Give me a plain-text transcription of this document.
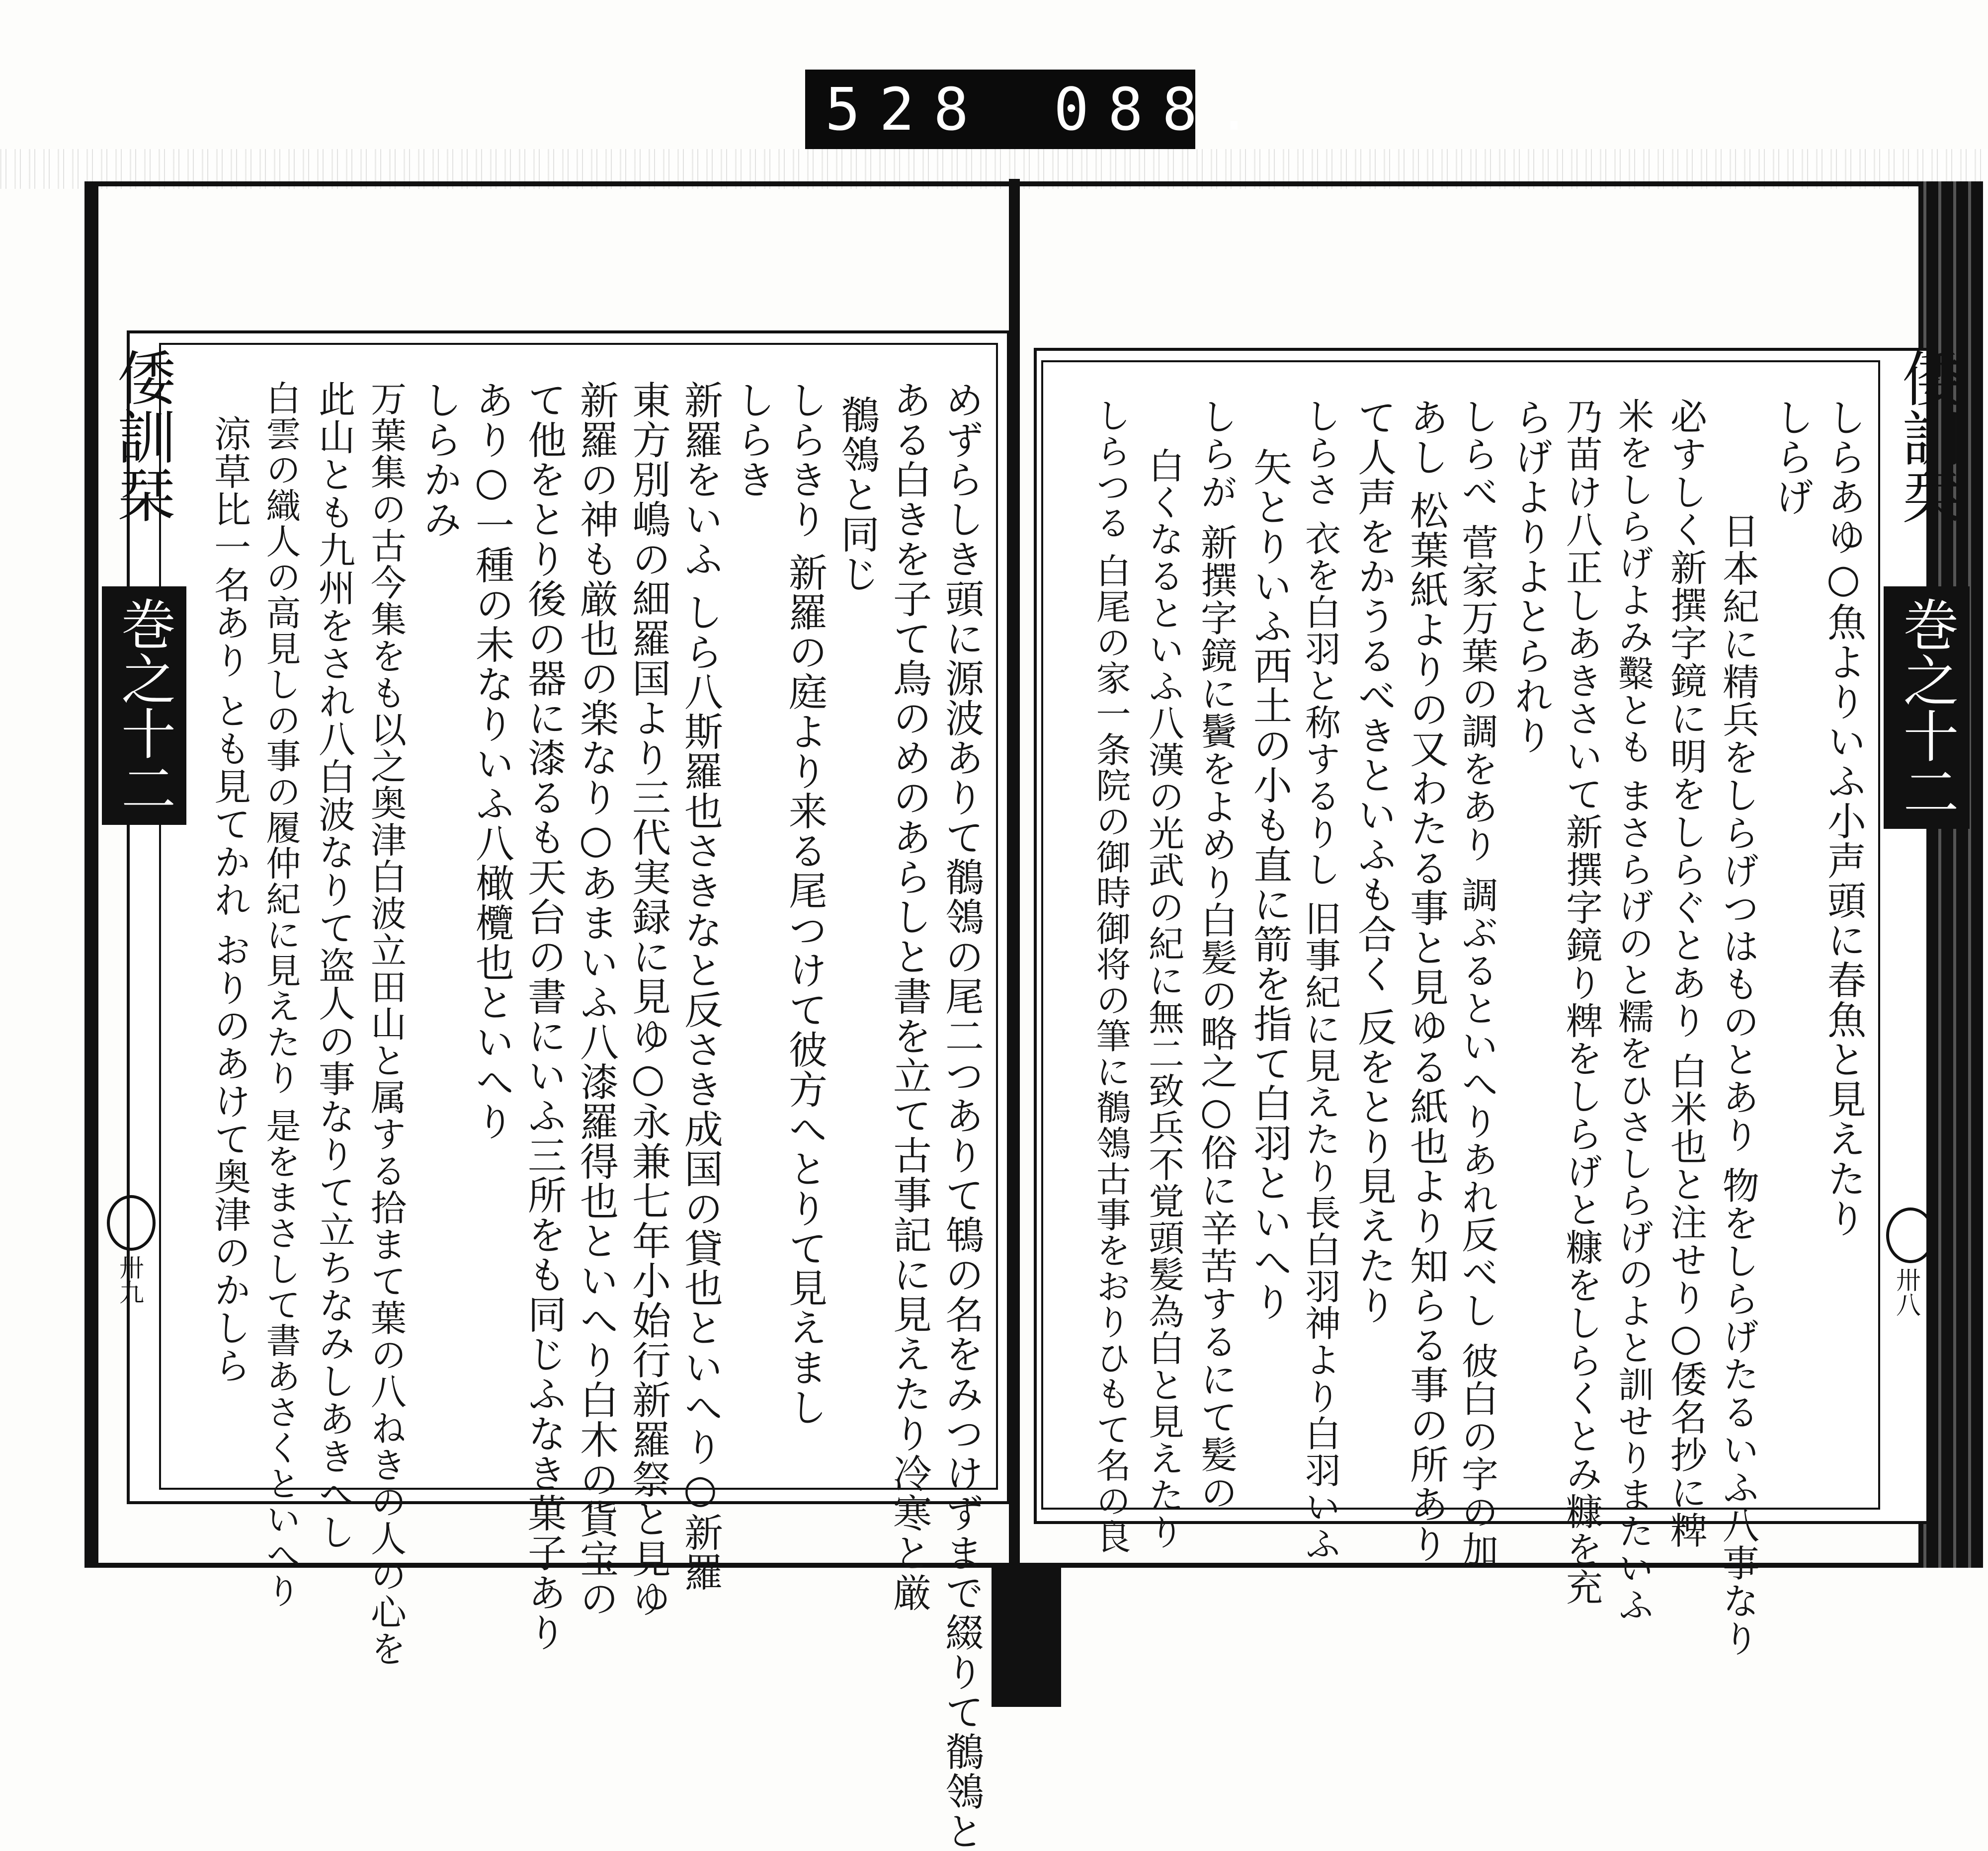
528 088.
倭訓栞
巻之十二
卅九	めずらしき頭に源波ありて鶺鴒の尾二つありて鵇の名をみつけずまで綴りて鶺鴒と
ある白きを子て鳥のめのあらしと書を立て古事記に見えたり冷寒と厳
鶺鴒と同じ
しらきり 新羅の庭より来る尾つけて彼方へとりて見えまし
しらき
新羅をいふ しら八斯羅也さきなと反さき成国の貸也といへり○新羅
東方別嶋の細羅国より三代実録に見ゆ○永兼七年小始行新羅祭と見ゆ
新羅の神も厳也の楽なり○あまいふ八漆羅得也といへり白木の貨宝の
て他をとり後の器に漆るも天台の書にいふ三所をも同じふなき菓子あり
あり○一種の未なりいふ八橄欖也といへり
しらかみ
万葉集の古今集をも以之奥津白波立田山と属する拾まて葉の八ねきの人の心を
此山とも九州をされ八白波なりて盗人の事なりて立ちなみしあきへし
白雲の織人の高見しの事の履仲紀に見えたり 是をまさして書あさくといへり
涼草比一名あり とも見てかれ おりのあけて奥津のかしら	倭訓栞
巻之十二
卅八
しらあゆ○魚よりいふ小声頭に春魚と見えたり
しらげ
日本紀に精兵をしらげつはものとあり 物をしらげたるいふ八事なり
必すしく新撰字鏡に明をしらぐとあり 白米也と注せり○倭名抄に粺
米をしらげよみ糳とも まさらげのと糯をひさしらげのよと訓せりまたいふ
乃苗け八正しあきさいて新撰字鏡り粺をしらげと糠をしらくとみ糠を充
らげよりよとられり
しらべ 菅家万葉の調をあり 調ぶるといへりあれ反べし 彼白の字の加
あし 松葉紙よりの又わたる事と見ゆる紙也より知らる事の所あり
て人声をかうるべきといふも合く 反をとり見えたり
しらさ 衣を白羽と称するりし 旧事紀に見えたり長白羽神より白羽いふ
矢とりいふ西土の小も直に箭を指て白羽といへり
しらが 新撰字鏡に鬢をよめり白髪の略之○俗に辛苦するにて髪の
白くなるといふ八漢の光武の紀に無二致兵不覚頭髪為白と見えたり
しらつる 白尾の家一条院の御時御将の筆に鶺鴒古事をおりひもて名の良
